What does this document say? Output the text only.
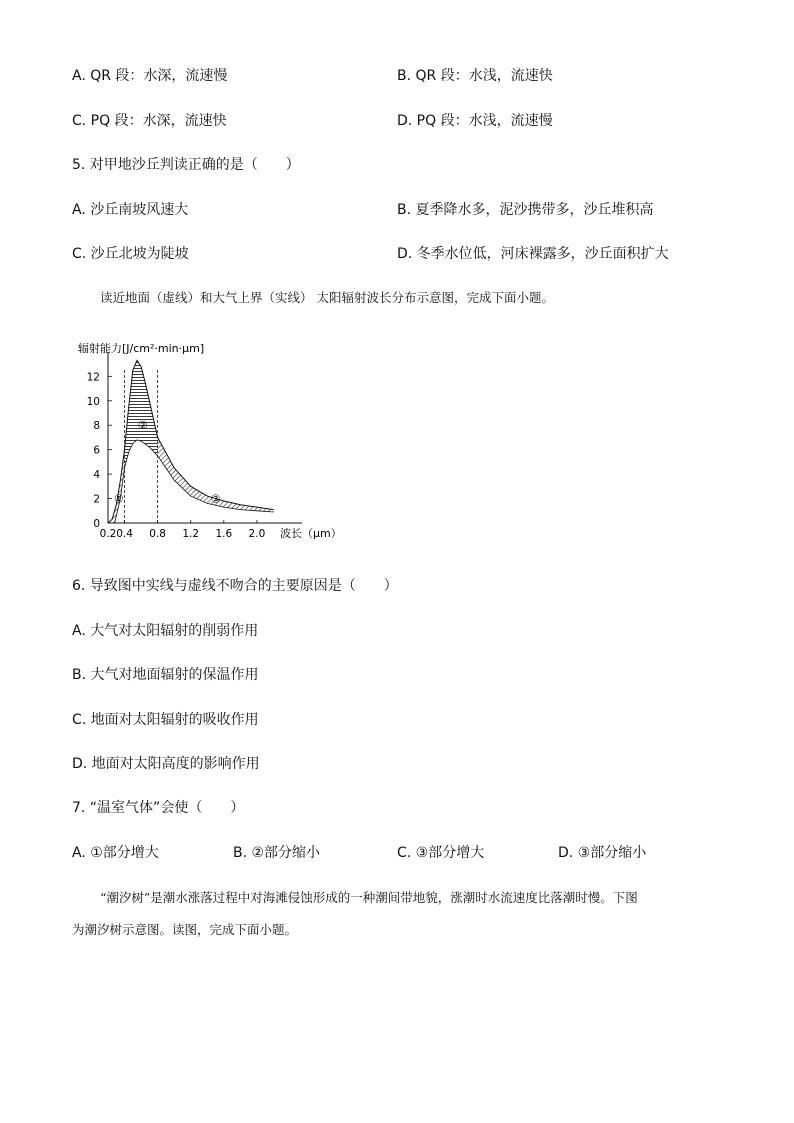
A. QR 段：水深，流速慢	B. QR 段：水浅，流速快
C. PQ 段：水深，流速快	D. PQ 段：水浅，流速慢
5. 对甲地沙丘判读正确的是（　　）
A. 沙丘南坡风速大	B. 夏季降水多，泥沙携带多，沙丘堆积高
C. 沙丘北坡为陡坡	D. 冬季水位低，河床裸露多，沙丘面积扩大
读近地面（虚线）和大气上界（实线） 太阳辐射波长分布示意图，完成下面小题。
辐射能力[J/cm²·min·μm]
0
2
4
6
8
10
12
0.2 0.4 0.8 1.2 1.6 2.0
①
②
③
波长（μm）
6. 导致图中实线与虚线不吻合的主要原因是（　　）
A. 大气对太阳辐射的削弱作用
B. 大气对地面辐射的保温作用
C. 地面对太阳辐射的吸收作用
D. 地面对太阳高度的影响作用
7. “温室气体”会使（　　）
A. ①部分增大	B. ②部分缩小	C. ③部分增大	D. ③部分缩小
“潮汐树”是潮水涨落过程中对海滩侵蚀形成的一种潮间带地貌，涨潮时水流速度比落潮时慢。下图
为潮汐树示意图。读图，完成下面小题。
